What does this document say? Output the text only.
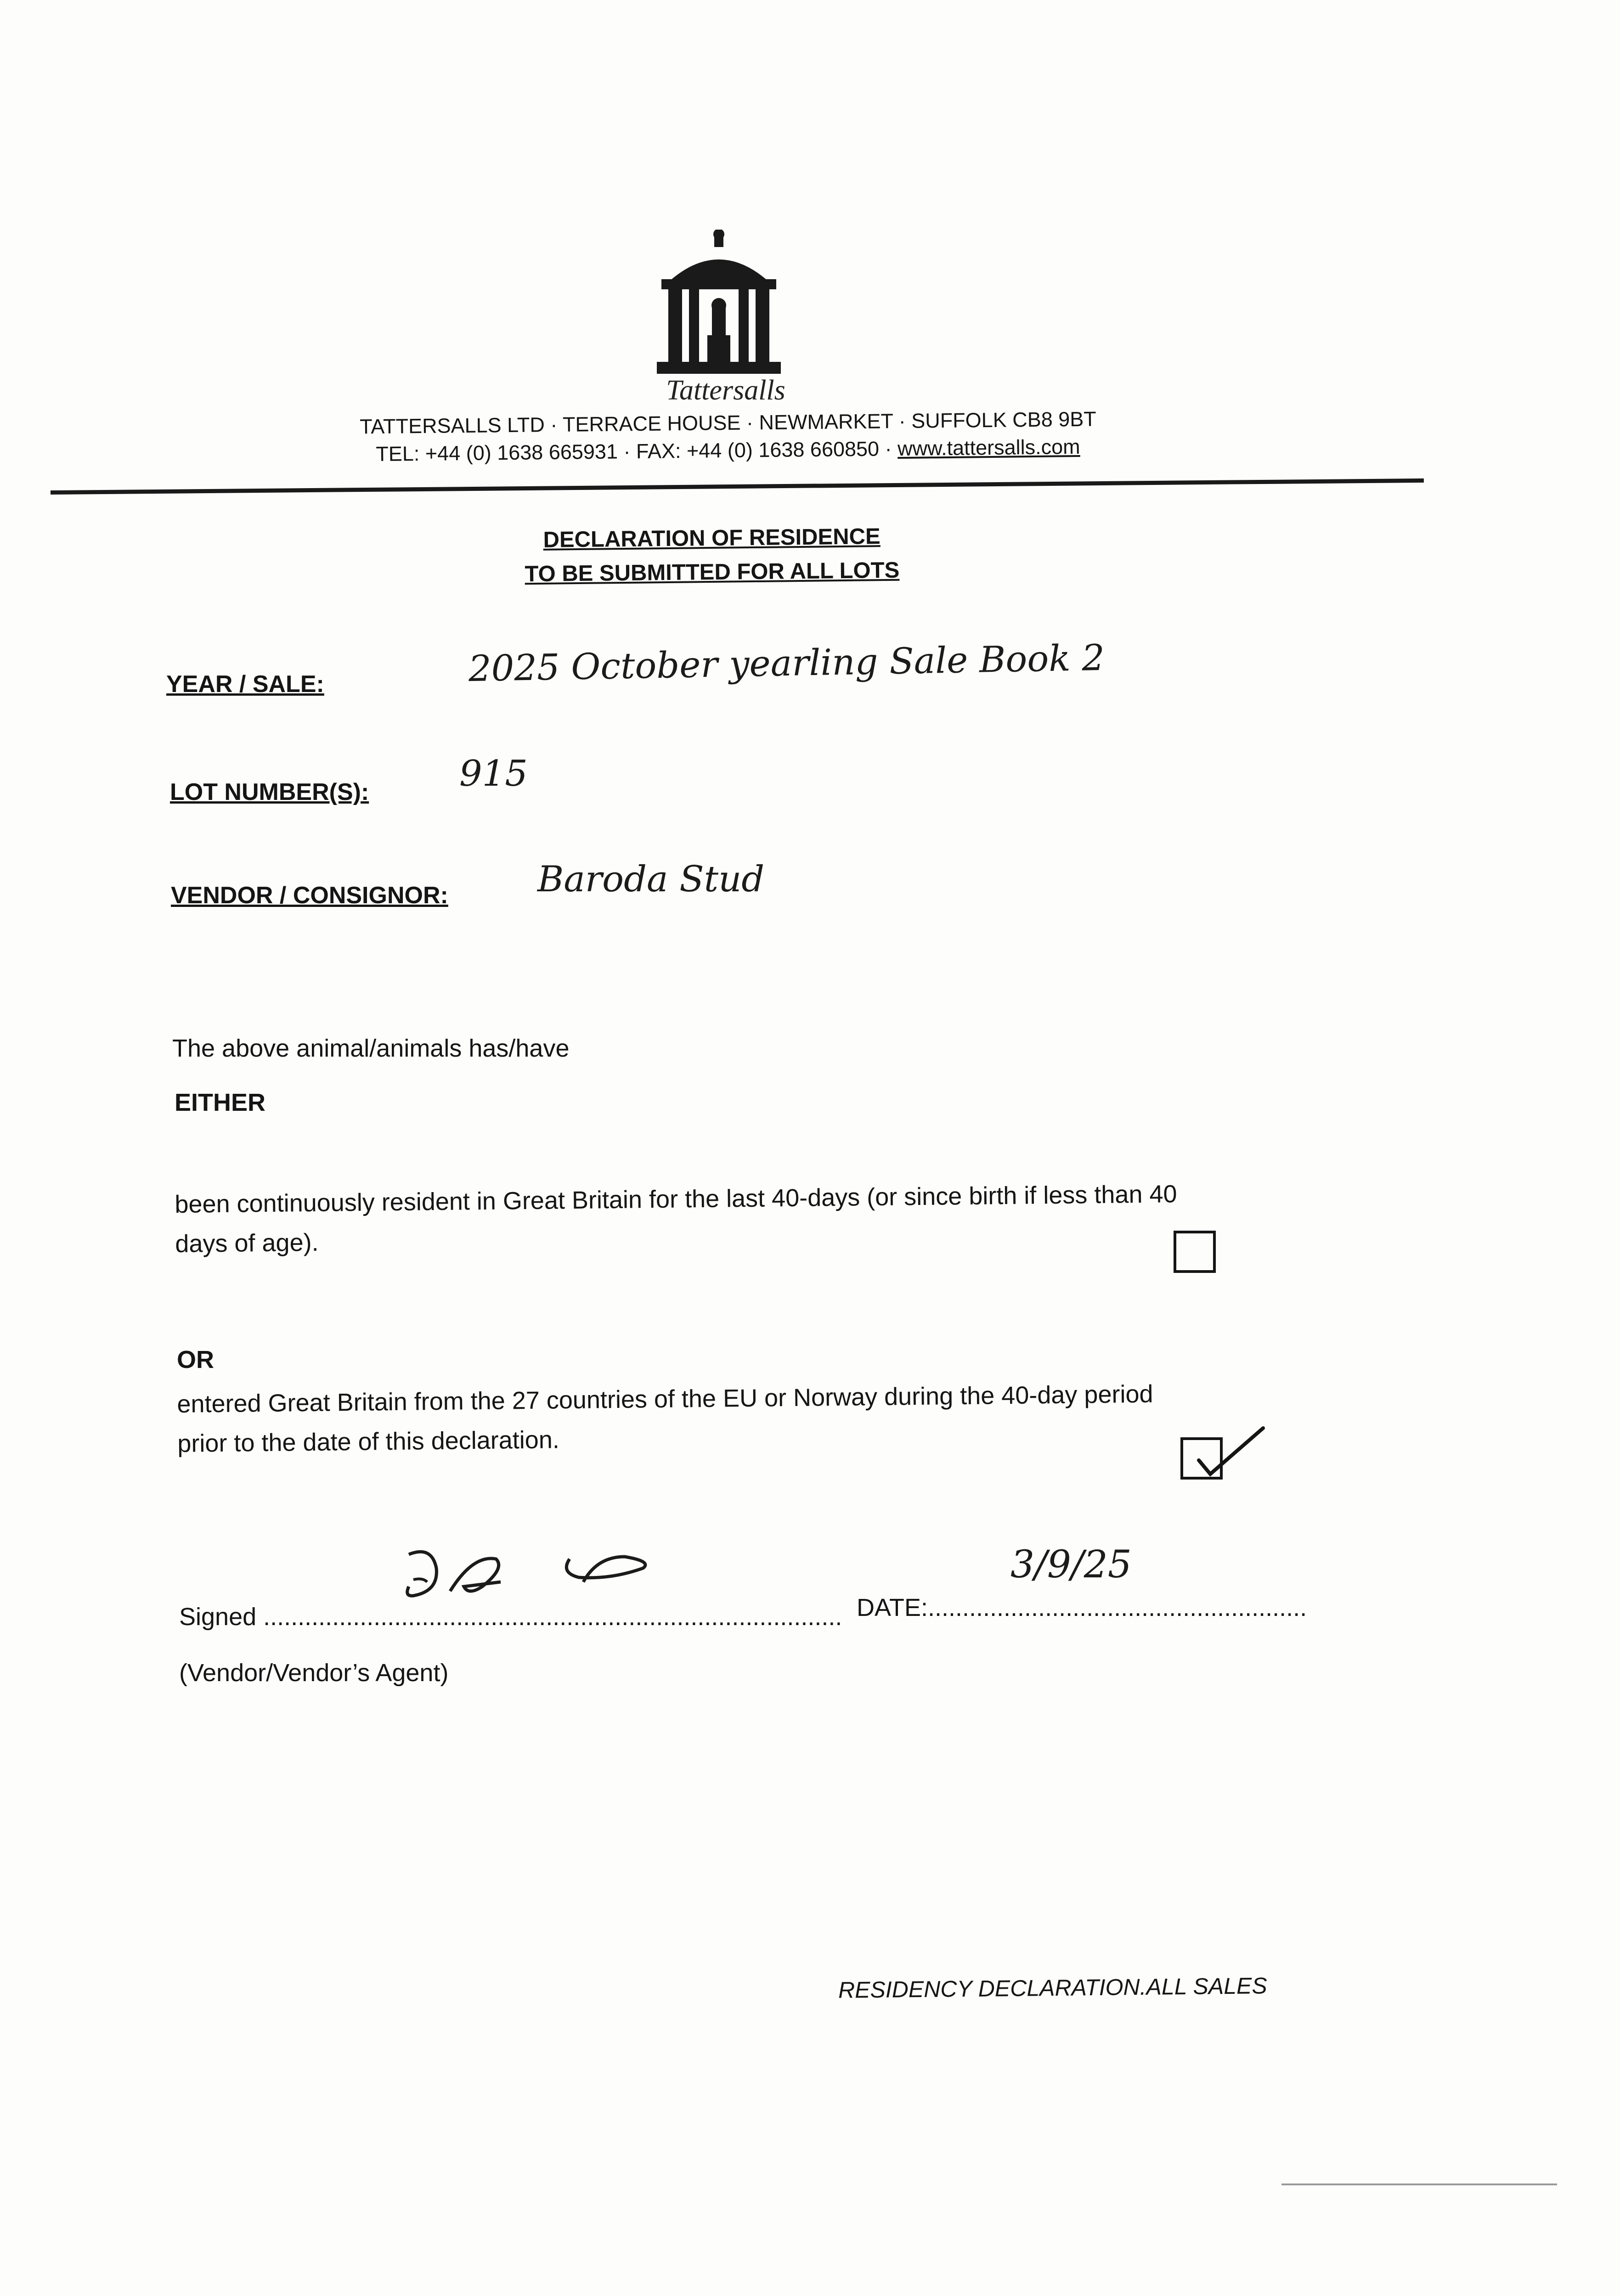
Tattersalls
TATTERSALLS LTD · TERRACE HOUSE · NEWMARKET · SUFFOLK CB8 9BT
TEL: +44 (0) 1638 665931 · FAX: +44 (0) 1638 660850 · www.tattersalls.com
DECLARATION OF RESIDENCE
TO BE SUBMITTED FOR ALL LOTS
YEAR / SALE:	2025 October yearling Sale Book 2
LOT NUMBER(S):	915
VENDOR / CONSIGNOR: Baroda Stud
The above animal/animals has/have
EITHER
been continuously resident in Great Britain for the last 40-days (or since birth if less than 40
days of age).
OR
entered Great Britain from the 27 countries of the EU or Norway during the 40-day period
prior to the date of this declaration.
Signed .................................................................................... DATE:.......................................................
3/9/25
(Vendor/Vendor’s Agent)
RESIDENCY DECLARATION.ALL SALES
